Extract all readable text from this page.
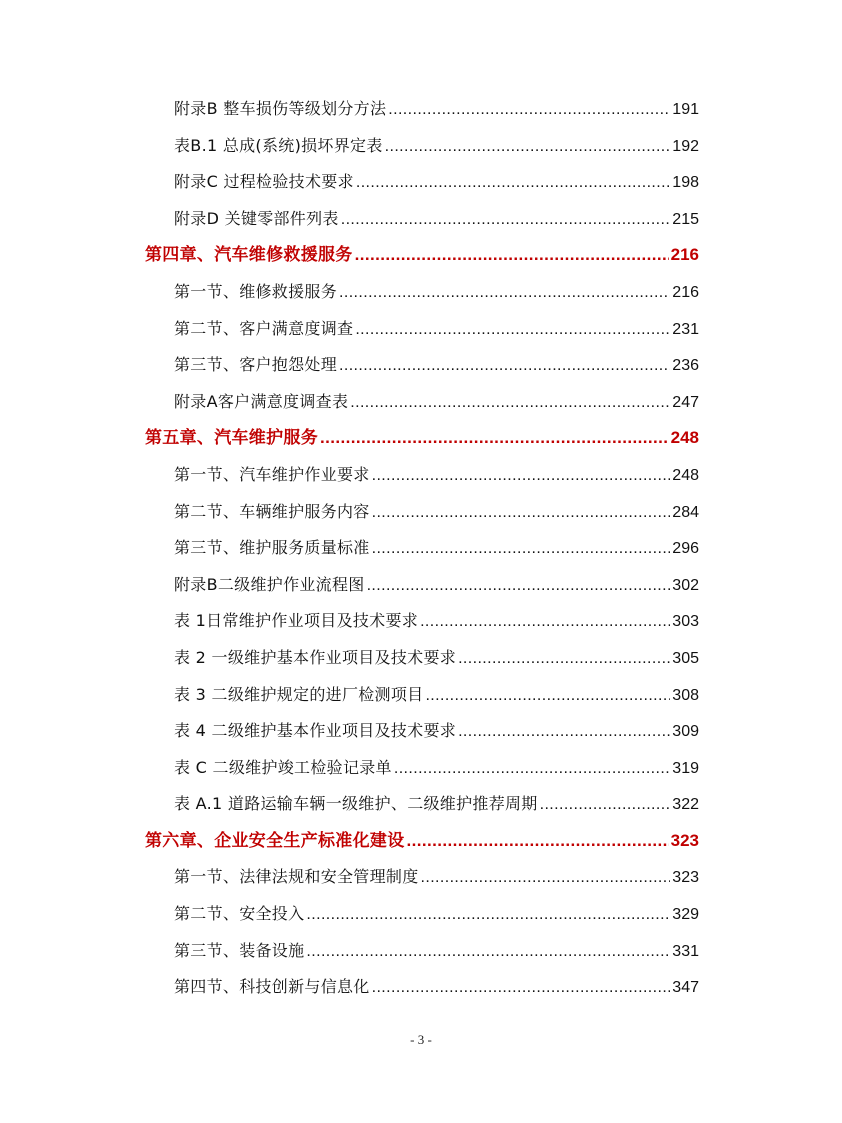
附录B 整车损伤等级划分方法 .....	191
表B.1 总成(系统)损坏界定表 .....	192
附录C 过程检验技术要求 .....	198
附录D 关键零部件列表 .....	215
第四章、汽车维修救援服务 .....	216
第一节、维修救援服务 .....	216
第二节、客户满意度调查 .....	231
第三节、客户抱怨处理 .....	236
附录A客户满意度调查表 .....	247
第五章、汽车维护服务 .....	248
第一节、汽车维护作业要求 .....	248
第二节、车辆维护服务内容 .....	284
第三节、维护服务质量标准 .....	296
附录B二级维护作业流程图 .....	302
表 1日常维护作业项目及技术要求 .....	303
表 2 一级维护基本作业项目及技术要求 .....	305
表 3 二级维护规定的进厂检测项目 .....	308
表 4 二级维护基本作业项目及技术要求 .....	309
表 C 二级维护竣工检验记录单 .....	319
表 A.1 道路运输车辆一级维护、二级维护推荐周期 .....	322
第六章、企业安全生产标准化建设 .....	323
第一节、法律法规和安全管理制度 .....	323
第二节、安全投入 .....	329
第三节、装备设施 .....	331
第四节、科技创新与信息化 .....	347
- 3 -
